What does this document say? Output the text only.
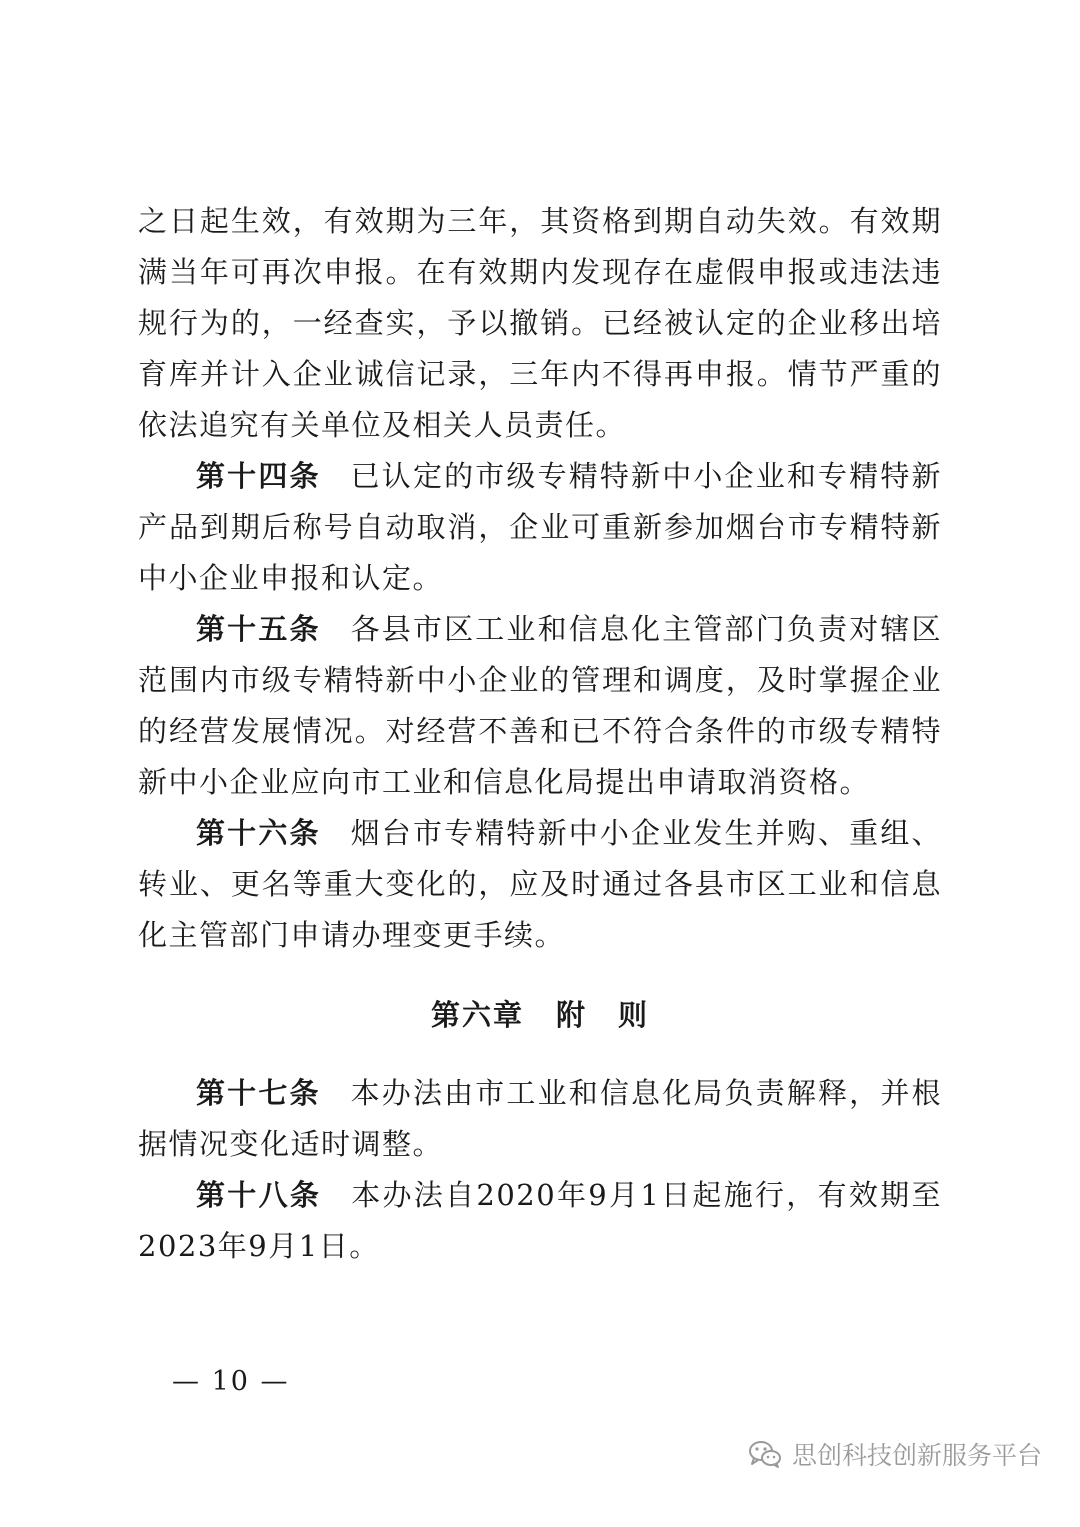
之日起生效，有效期为三年，其资格到期自动失效。有效期满当年可再次申报。在有效期内发现存在虚假申报或违法违规行为的，一经查实，予以撤销。已经被认定的企业移出培育库并计入企业诚信记录，三年内不得再申报。情节严重的依法追究有关单位及相关人员责任。

第十四条 已认定的市级专精特新中小企业和专精特新产品到期后称号自动取消，企业可重新参加烟台市专精特新中小企业申报和认定。

第十五条 各县市区工业和信息化主管部门负责对辖区范围内市级专精特新中小企业的管理和调度，及时掌握企业的经营发展情况。对经营不善和已不符合条件的市级专精特新中小企业应向市工业和信息化局提出申请取消资格。

第十六条 烟台市专精特新中小企业发生并购、重组、转业、更名等重大变化的，应及时通过各县市区工业和信息化主管部门申请办理变更手续。

第六章 附　则

第十七条 本办法由市工业和信息化局负责解释，并根据情况变化适时调整。

第十八条 本办法自2020年9月1日起施行，有效期至2023年9月1日。

— 10 —
思创科技创新服务平台
